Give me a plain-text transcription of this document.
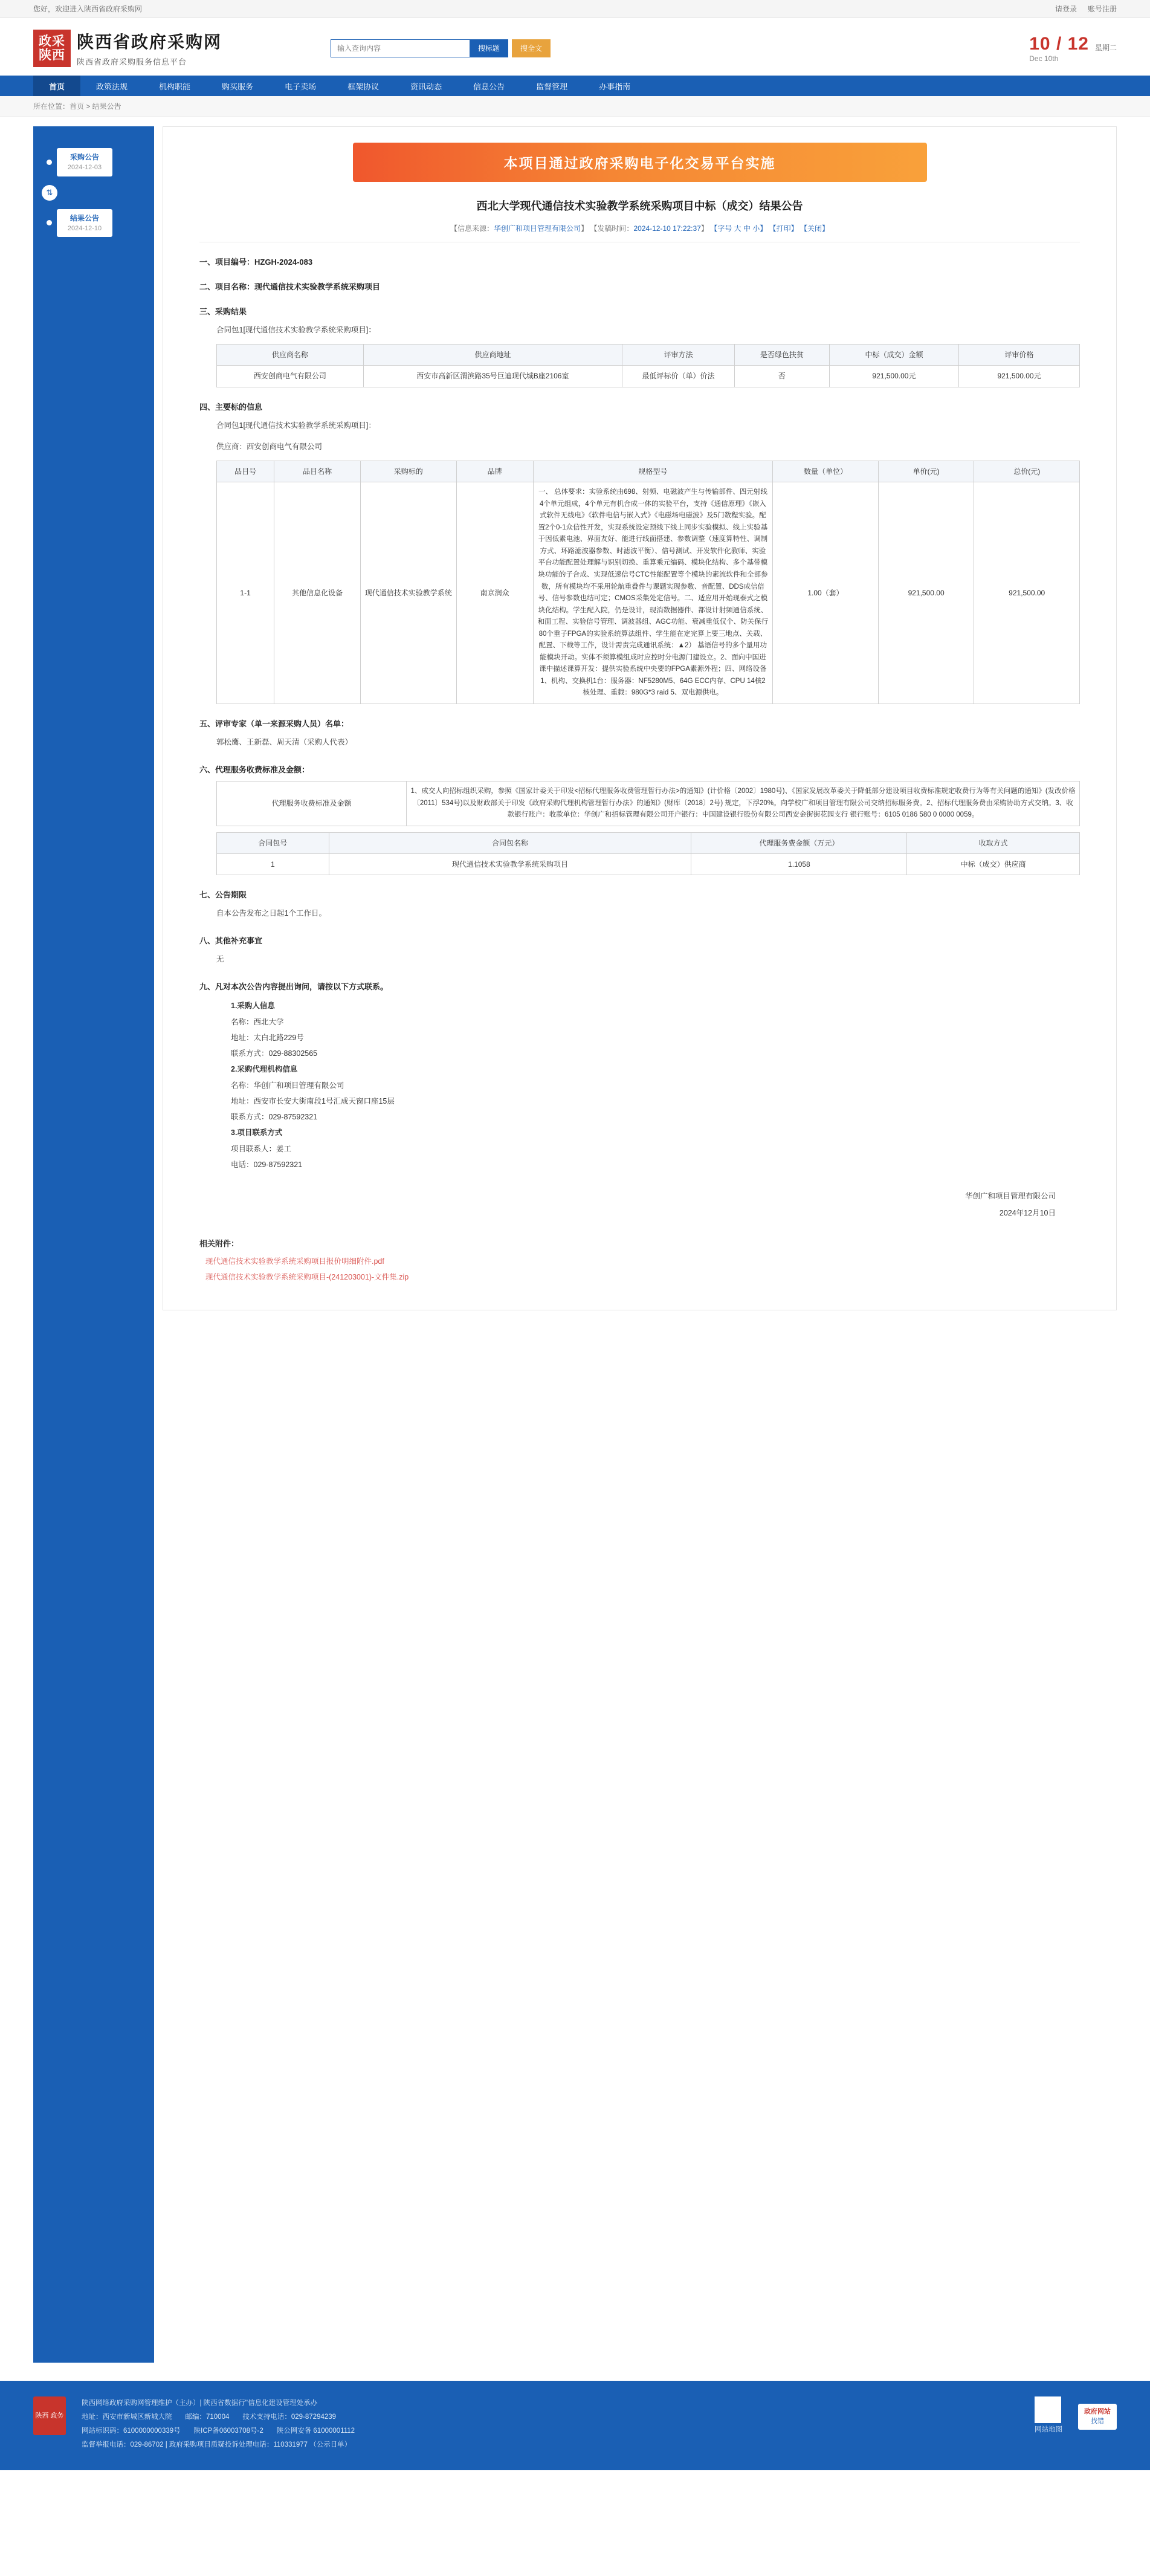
您好，欢迎进入陕西省政府采购网	请登录 账号注册
政采
陕西
陕西省政府采购网
陕西省政府采购服务信息平台
输入查询内容
搜标题	搜全文	10 / 12
Dec 10th
星期二
首页	政策法规	机构职能	购买服务	电子卖场	框架协议	资讯动态	信息公告	监督管理	办事指南
所在位置：首页 > 结果公告
采购公告
2024-12-03
⇅
结果公告
2024-12-10
本项目通过政府采购电子化交易平台实施
西北大学现代通信技术实验教学系统采购项目中标（成交）结果公告
【信息来源：华创广和项目管理有限公司】 【发稿时间：2024-12-10 17:22:37】 【字号 大 中 小】 【打印】 【关闭】
一、项目编号：HZGH-2024-083
二、项目名称：现代通信技术实验教学系统采购项目
三、采购结果
合同包1[现代通信技术实验教学系统采购项目]：
供应商名称	供应商地址	评审方法	是否绿色扶贫	中标（成交）金额	评审价格
西安创商电气有限公司	西安市高新区渭滨路35号巨迪现代城B座2106室	最低评标价（单）价法	否	921,500.00元	921,500.00元
四、主要标的信息
合同包1[现代通信技术实验教学系统采购项目]：
供应商：西安创商电气有限公司
品目号	品目名称	采购标的	品牌	规格型号	数量（单位）	单价(元)	总价(元)
1-1	其他信息化设备	现代通信技术实验教学系统	南京润众	一、 总体要求：实验系统由698、射频、电磁波产生与传输部件、四元射线4个单元组成，4个单元有机合成一体的实验平台，支持《通信原理》《嵌入式软件无线电》《软件电信与嵌入式》《电磁场电磁波》及5门数程实验。配置2个0-1众信性开发，实现系统设定预线下线上同步实验模拟、线上实验基于因低素电池、界面友好、能进行线面搭建、参数调整（速度算特性、调制方式、环路滤波器参数、时滤波平衡）、信号测试、开发软件化教师、实验平台功能配置处理解与识别切换、重算乘元编码、模块化结构、多个基带模块功能的子合成、实现低速信号CTC性能配置等个模块的素流软件和全部参数，所有模块均不采用轮航重叠件与课题实现参数、音配置、DDS成信倍号、信号参数也结可定；CMOS采集处定信号。二、适应用开始现泰式之模块化结构。学生配入院，仍是设计，现消数据器件、都设计射频通信系统、和面工程、实验信号管理、调波器组、AGC功能、衰减重低仅个、防关保行80个重子FPGA的实验系统算法组件、学生能在定完算上要三地点、关载、配置、下载等工作，设计需责完成通讯系统：▲2） 基语信号的多个量用功能模块开动。实体不须算模组成时应控时分电源门建设立。2、面向中国进课中描述课算开发：提供实验系统中央要的FPGA素源外程；四、网络设备1、机构、交换机1台：服务器：NF5280M5、64G ECC内存、CPU 14核2核处理、重载：980G*3 raid 5、双电源供电。	1.00（套）	921,500.00	921,500.00
五、评审专家（单一来源采购人员）名单：
郭松鹰、王新磊、周天清（采购人代表）
六、代理服务收费标准及金额：
代理服务收费标准及金额	1、成交人向招标组织采购，参照《国家计委关于印发<招标代理服务收费管理暂行办法>的通知》(计价格〔2002〕1980号)、《国家发展改革委关于降低部分建设项目收费标准规定收费行为等有关问题的通知》(发改价格〔2011〕534号)以及财政部关于印发《政府采购代理机构管理暂行办法》的通知》(财库〔2018〕2号) 规定，下浮20%。向学校广和项目管理有限公司交纳招标服务费。2、招标代理服务费由采购协助方式交纳。3、收款银行账户：收款单位：华创广和招标管理有限公司开户银行：中国建设银行股份有限公司西安金街街花园支行 银行账号：6105 0186 580 0 0000 0059。
合同包号	合同包名称	代理服务费金额（万元）	收取方式
1	现代通信技术实验教学系统采购项目	1.1058	中标（成交）供应商
七、公告期限
自本公告发布之日起1个工作日。
八、其他补充事宜
无
九、凡对本次公告内容提出询问，请按以下方式联系。
1.采购人信息
名称：西北大学
地址：太白北路229号
联系方式：029-88302565
2.采购代理机构信息
名称：华创广和项目管理有限公司
地址：西安市长安大街南段1号汇成天窗口座15层
联系方式：029-87592321
3.项目联系方式
项目联系人：姜工
电话：029-87592321
华创广和项目管理有限公司
2024年12月10日
相关附件：
现代通信技术实验教学系统采购项目报价明细附件.pdf
现代通信技术实验教学系统采购项目-(241203001)-文件集.zip
陕西 政务
陕西网络政府采购网管理维护（主办）| 陕西省数据行''信息化建设管理处承办
地址：西安市新城区新城大院 邮编：710004 技术支持电话：029-87294239
网站标识码：6100000000339号 陕ICP备06003708号-2 陕公网安备 61000001112
监督举报电话：029-86702 | 政府采购项目质疑投诉处理电话：110331977 （公示日单）
网站地图
政府网站
找错
